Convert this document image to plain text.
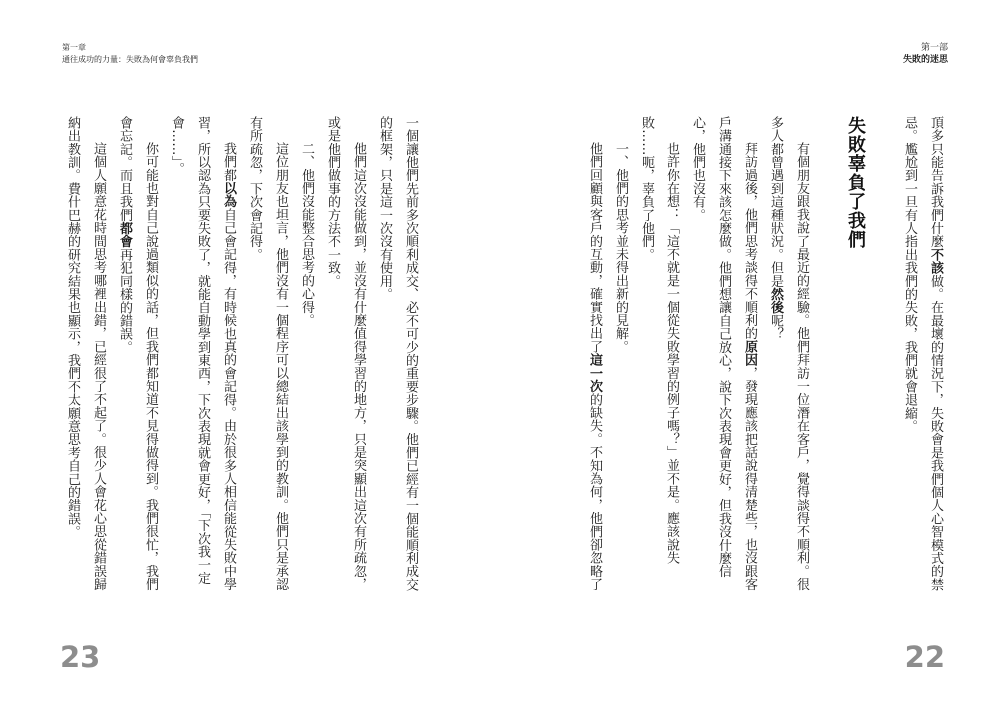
第一章
通往成功的力量：失敗為何會辜負我們
一個讓他們先前多次順利成交、必不可少的重要步驟。他們已經有一個能順利成交
的框架，只是這一次沒有使用。
他們這次沒能做到，並沒有什麼值得學習的地方，只是突顯出這次有所疏忽，
或是他們做事的方法不一致。
二、他們沒能整合思考的心得。
這位朋友也坦言，他們沒有一個程序可以總結出該學到的教訓。他們只是承認
有所疏忽，下次會記得。
我們都以為自己會記得，有時候也真的會記得。由於很多人相信能從失敗中學
習，所以認為只要失敗了，就能自動學到東西，下次表現就會更好，「下次我一定
會……」。
你可能也對自己說過類似的話，但我們都知道不見得做得到。我們很忙，我們
會忘記。而且我們都會再犯同樣的錯誤。
這個人願意花時間思考哪裡出錯，已經很了不起了。很少人會花心思從錯誤歸
納出教訓。費什巴赫的研究結果也顯示，我們不太願意思考自己的錯誤。
23
第一部
失敗的迷思
頂多只能告訴我們什麼不該做。在最壞的情況下，失敗會是我們個人心智模式的禁
忌。尷尬到一旦有人指出我們的失敗，我們就會退縮。
失敗辜負了我們
有個朋友跟我說了最近的經驗。他們拜訪一位潛在客戶，覺得談得不順利。很
多人都曾遇到這種狀況。但是然後呢？
拜訪過後，他們思考談得不順利的原因，發現應該把話說得清楚些，也沒跟客
戶溝通接下來該怎麼做。他們想讓自己放心，說下次表現會更好，但我沒什麼信
心，他們也沒有。
也許你在想：「這不就是一個從失敗學習的例子嗎？」並不是。應該說失
敗……呃，辜負了他們。
一、他們的思考並未得出新的見解。
他們回顧與客戶的互動，確實找出了這一次的缺失。不知為何，他們卻忽略了
22
